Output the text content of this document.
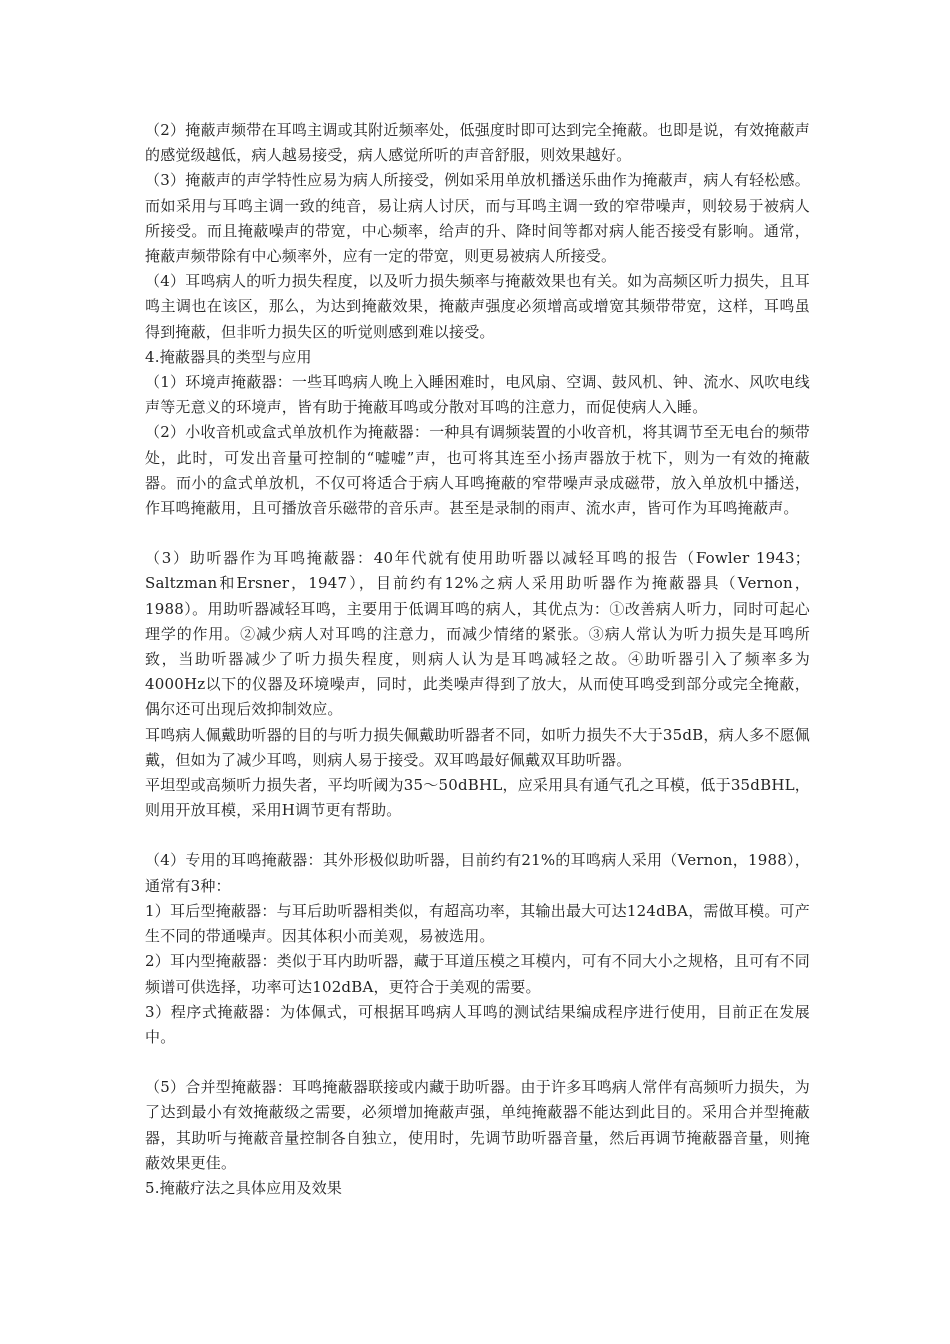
（2）掩蔽声频带在耳鸣主调或其附近频率处，低强度时即可达到完全掩蔽。也即是说，有效掩蔽声的感觉级越低，病人越易接受，病人感觉所听的声音舒服，则效果越好。

（3）掩蔽声的声学特性应易为病人所接受，例如采用单放机播送乐曲作为掩蔽声，病人有轻松感。而如采用与耳鸣主调一致的纯音，易让病人讨厌，而与耳鸣主调一致的窄带噪声，则较易于被病人所接受。而且掩蔽噪声的带宽，中心频率，给声的升、降时间等都对病人能否接受有影响。通常，掩蔽声频带除有中心频率外，应有一定的带宽，则更易被病人所接受。

（4）耳鸣病人的听力损失程度，以及听力损失频率与掩蔽效果也有关。如为高频区听力损失，且耳鸣主调也在该区，那么，为达到掩蔽效果，掩蔽声强度必须增高或增宽其频带带宽，这样，耳鸣虽得到掩蔽，但非听力损失区的听觉则感到难以接受。

4.掩蔽器具的类型与应用

（1）环境声掩蔽器：一些耳鸣病人晚上入睡困难时，电风扇、空调、鼓风机、钟、流水、风吹电线声等无意义的环境声，皆有助于掩蔽耳鸣或分散对耳鸣的注意力，而促使病人入睡。

（2）小收音机或盒式单放机作为掩蔽器：一种具有调频装置的小收音机，将其调节至无电台的频带处，此时，可发出音量可控制的“嘘嘘”声，也可将其连至小扬声器放于枕下，则为一有效的掩蔽器。而小的盒式单放机，不仅可将适合于病人耳鸣掩蔽的窄带噪声录成磁带，放入单放机中播送，作耳鸣掩蔽用，且可播放音乐磁带的音乐声。甚至是录制的雨声、流水声，皆可作为耳鸣掩蔽声。

（3）助听器作为耳鸣掩蔽器：40年代就有使用助听器以减轻耳鸣的报告（Fowler 1943；Saltzman和Ersner，1947），目前约有12%之病人采用助听器作为掩蔽器具（Vernon，1988）。用助听器减轻耳鸣，主要用于低调耳鸣的病人，其优点为：①改善病人听力，同时可起心理学的作用。②减少病人对耳鸣的注意力，而减少情绪的紧张。③病人常认为听力损失是耳鸣所致，当助听器减少了听力损失程度，则病人认为是耳鸣减轻之故。④助听器引入了频率多为4000Hz以下的仪器及环境噪声，同时，此类噪声得到了放大，从而使耳鸣受到部分或完全掩蔽，偶尔还可出现后效抑制效应。

耳鸣病人佩戴助听器的目的与听力损失佩戴助听器者不同，如听力损失不大于35dB，病人多不愿佩戴，但如为了减少耳鸣，则病人易于接受。双耳鸣最好佩戴双耳助听器。

平坦型或高频听力损失者，平均听阈为35～50dBHL，应采用具有通气孔之耳模，低于35dBHL，则用开放耳模，采用H调节更有帮助。

（4）专用的耳鸣掩蔽器：其外形极似助听器，目前约有21%的耳鸣病人采用（Vernon，1988），通常有3种：

1）耳后型掩蔽器：与耳后助听器相类似，有超高功率，其输出最大可达124dBA，需做耳模。可产生不同的带通噪声。因其体积小而美观，易被选用。

2）耳内型掩蔽器：类似于耳内助听器，藏于耳道压模之耳模内，可有不同大小之规格，且可有不同频谱可供选择，功率可达102dBA，更符合于美观的需要。

3）程序式掩蔽器：为体佩式，可根据耳鸣病人耳鸣的测试结果编成程序进行使用，目前正在发展中。

（5）合并型掩蔽器：耳鸣掩蔽器联接或内藏于助听器。由于许多耳鸣病人常伴有高频听力损失，为了达到最小有效掩蔽级之需要，必须增加掩蔽声强，单纯掩蔽器不能达到此目的。采用合并型掩蔽器，其助听与掩蔽音量控制各自独立，使用时，先调节助听器音量，然后再调节掩蔽器音量，则掩蔽效果更佳。

5.掩蔽疗法之具体应用及效果
